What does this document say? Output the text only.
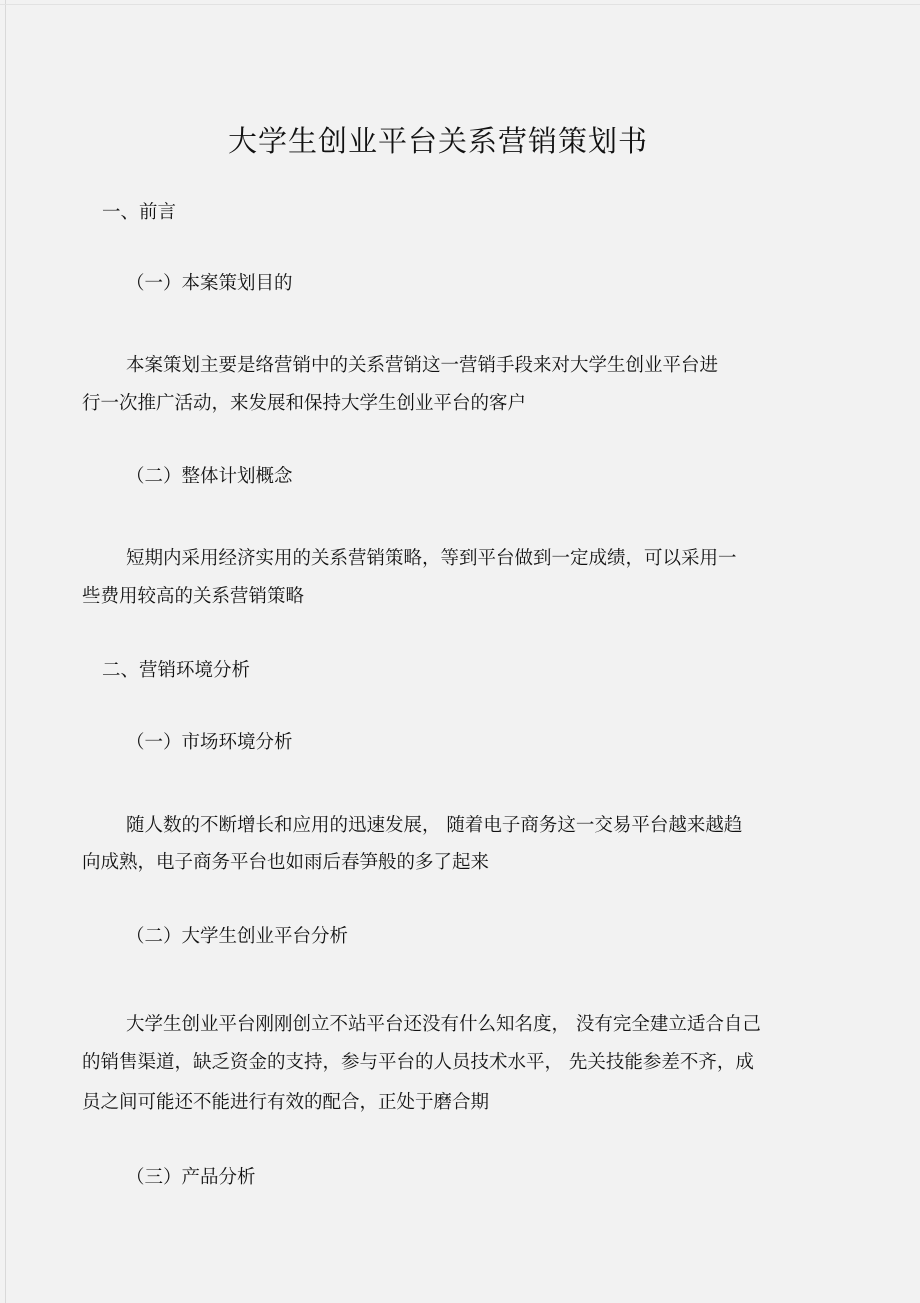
大学生创业平台关系营销策划书
一、前言
（一）本案策划目的
本案策划主要是络营销中的关系营销这一营销手段来对大学生创业平台进
行一次推广活动，来发展和保持大学生创业平台的客户
（二）整体计划概念
短期内采用经济实用的关系营销策略，等到平台做到一定成绩，可以采用一
些费用较高的关系营销策略
二、营销环境分析
（一）市场环境分析
随人数的不断增长和应用的迅速发展， 随着电子商务这一交易平台越来越趋
向成熟，电子商务平台也如雨后春笋般的多了起来
（二）大学生创业平台分析
大学生创业平台刚刚创立不站平台还没有什么知名度， 没有完全建立适合自己
的销售渠道，缺乏资金的支持，参与平台的人员技术水平， 先关技能参差不齐，成
员之间可能还不能进行有效的配合，正处于磨合期
（三）产品分析
